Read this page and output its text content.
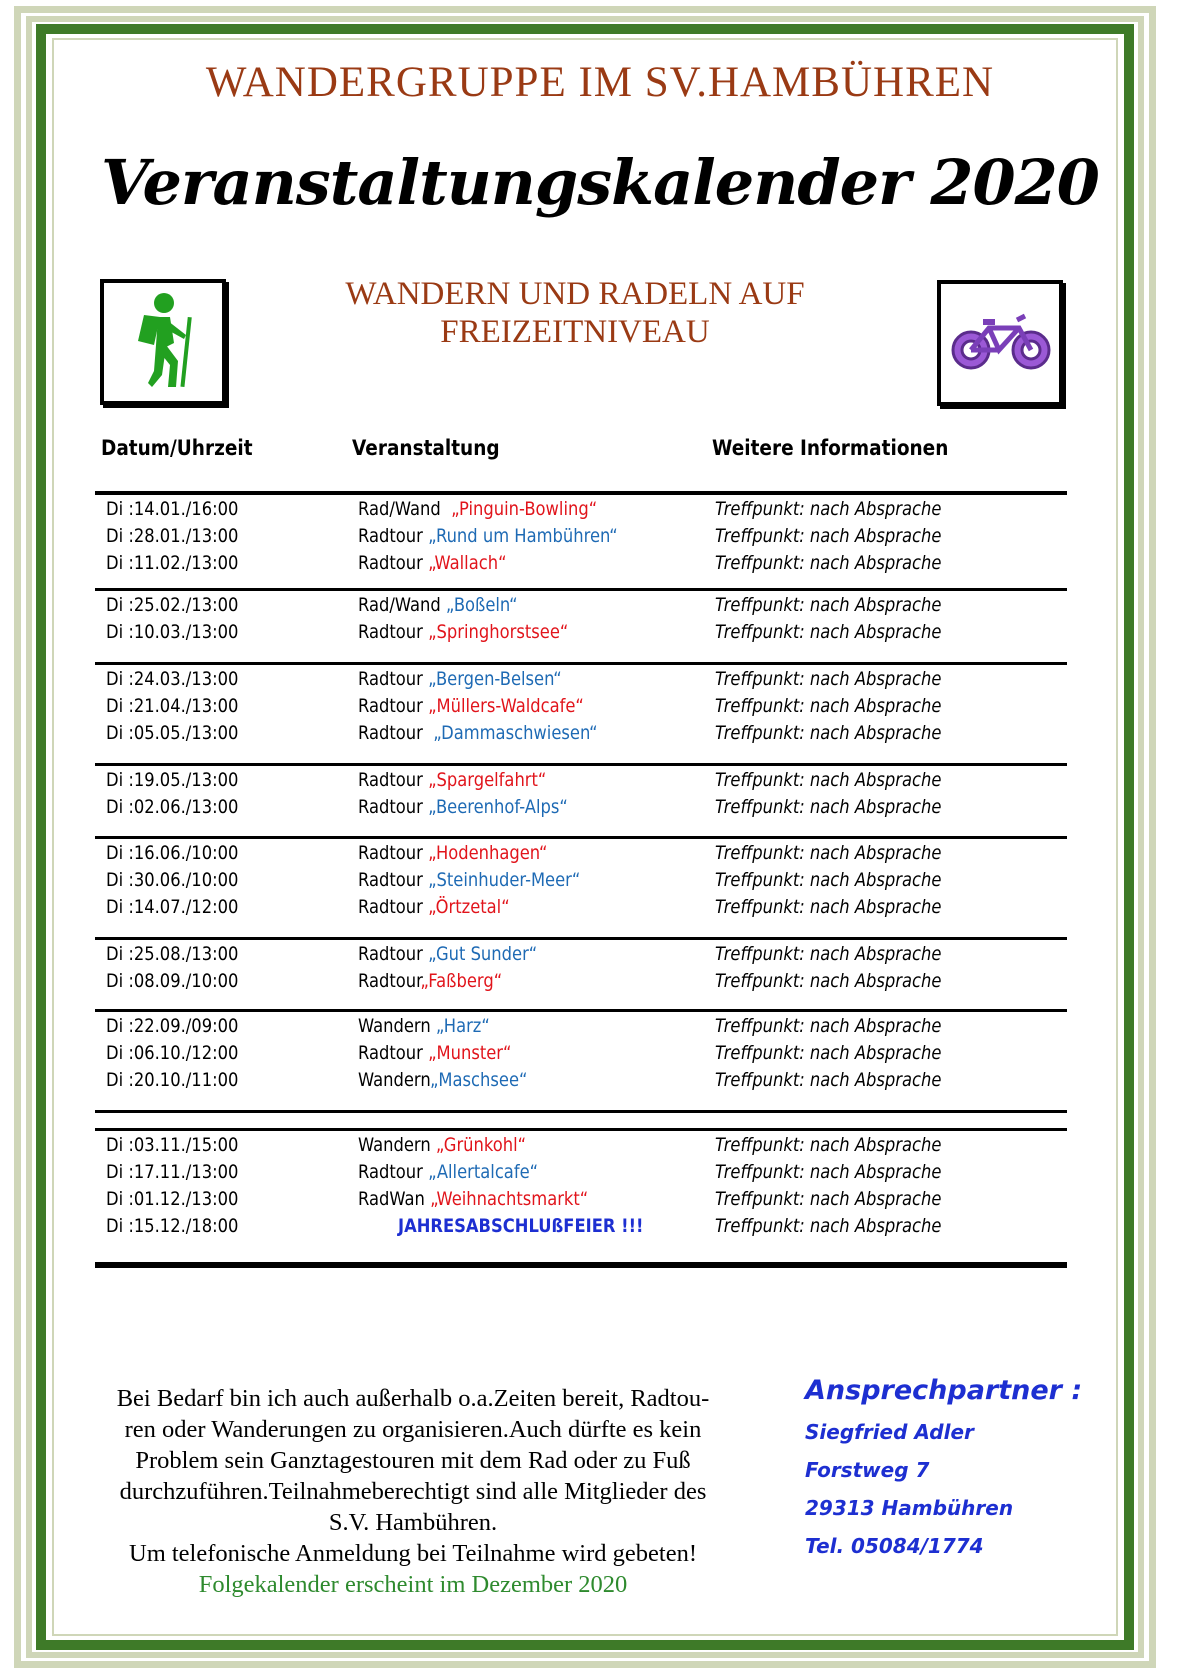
WANDERGRUPPE IM SV.HAMBÜHREN
Veranstaltungskalender 2020
WANDERN UND RADELN AUF
FREIZEITNIVEAU
Datum/Uhrzeit	Veranstaltung	Weitere Informationen
Di :14.01./16:00	Rad/Wand  „Pinguin-Bowling“	Treffpunkt: nach Absprache
Di :28.01./13:00	Radtour „Rund um Hambühren“	Treffpunkt: nach Absprache
Di :11.02./13:00	Radtour „Wallach“	Treffpunkt: nach Absprache
Di :25.02./13:00	Rad/Wand „Boßeln“	Treffpunkt: nach Absprache
Di :10.03./13:00	Radtour „Springhorstsee“	Treffpunkt: nach Absprache
Di :24.03./13:00	Radtour „Bergen-Belsen“	Treffpunkt: nach Absprache
Di :21.04./13:00	Radtour „Müllers-Waldcafe“	Treffpunkt: nach Absprache
Di :05.05./13:00	Radtour  „Dammaschwiesen“	Treffpunkt: nach Absprache
Di :19.05./13:00	Radtour „Spargelfahrt“	Treffpunkt: nach Absprache
Di :02.06./13:00	Radtour „Beerenhof-Alps“	Treffpunkt: nach Absprache
Di :16.06./10:00	Radtour „Hodenhagen“	Treffpunkt: nach Absprache
Di :30.06./10:00	Radtour „Steinhuder-Meer“	Treffpunkt: nach Absprache
Di :14.07./12:00	Radtour „Örtzetal“	Treffpunkt: nach Absprache
Di :25.08./13:00	Radtour „Gut Sunder“	Treffpunkt: nach Absprache
Di :08.09./10:00	Radtour„Faßberg“	Treffpunkt: nach Absprache
Di :22.09./09:00	Wandern „Harz“	Treffpunkt: nach Absprache
Di :06.10./12:00	Radtour „Munster“	Treffpunkt: nach Absprache
Di :20.10./11:00	Wandern„Maschsee“	Treffpunkt: nach Absprache
Di :03.11./15:00	Wandern „Grünkohl“	Treffpunkt: nach Absprache
Di :17.11./13:00	Radtour „Allertalcafe“	Treffpunkt: nach Absprache
Di :01.12./13:00	RadWan „Weihnachtsmarkt“	Treffpunkt: nach Absprache
Di :15.12./18:00	JAHRESABSCHLUßFEIER !!!	Treffpunkt: nach Absprache
Bei Bedarf bin ich auch außerhalb o.a.Zeiten bereit, Radtou-
ren oder Wanderungen zu organisieren.Auch dürfte es kein
Problem sein Ganztagestouren mit dem Rad oder zu Fuß
durchzuführen.Teilnahmeberechtigt sind alle Mitglieder des
S.V. Hambühren.
Um telefonische Anmeldung bei Teilnahme wird gebeten!
Folgekalender erscheint im Dezember 2020
Ansprechpartner :
Siegfried Adler
Forstweg 7
29313 Hambühren
Tel. 05084/1774
